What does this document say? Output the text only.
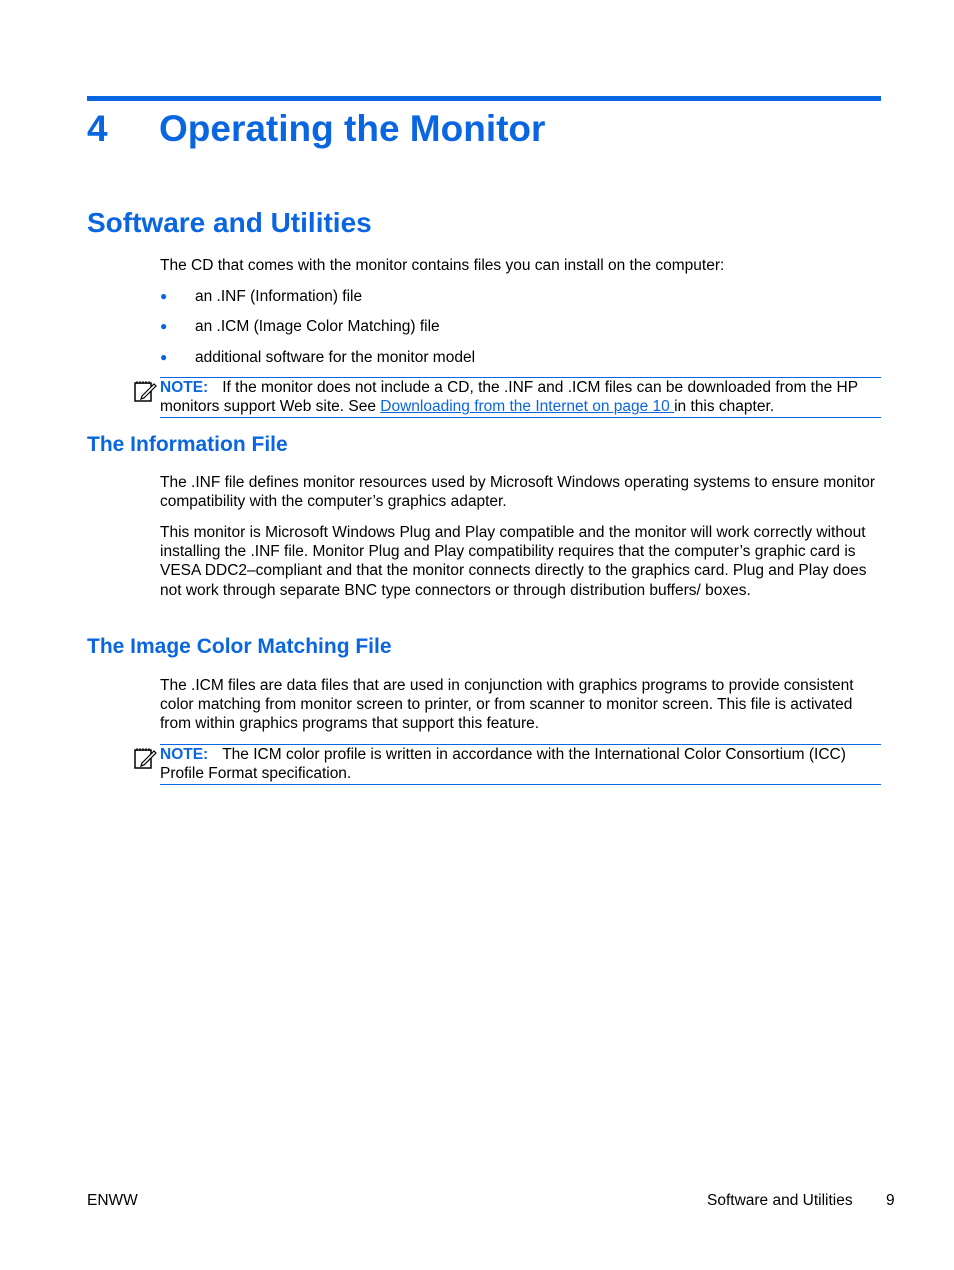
4 Operating the Monitor
Software and Utilities
The CD that comes with the monitor contains files you can install on the computer:
● an .INF (Information) file
● an .ICM (Image Color Matching) file
● additional software for the monitor model
NOTE: If the monitor does not include a CD, the .INF and .ICM files can be downloaded from the HP monitors support Web site. See Downloading from the Internet on page 10 in this chapter.
The Information File
The .INF file defines monitor resources used by Microsoft Windows operating systems to ensure monitor compatibility with the computer’s graphics adapter.
This monitor is Microsoft Windows Plug and Play compatible and the monitor will work correctly without installing the .INF file. Monitor Plug and Play compatibility requires that the computer’s graphic card is VESA DDC2–compliant and that the monitor connects directly to the graphics card. Plug and Play does not work through separate BNC type connectors or through distribution buffers/ boxes.
The Image Color Matching File
The .ICM files are data files that are used in conjunction with graphics programs to provide consistent color matching from monitor screen to printer, or from scanner to monitor screen. This file is activated from within graphics programs that support this feature.
NOTE: The ICM color profile is written in accordance with the International Color Consortium (ICC) Profile Format specification.
ENWW	Software and Utilities 9
